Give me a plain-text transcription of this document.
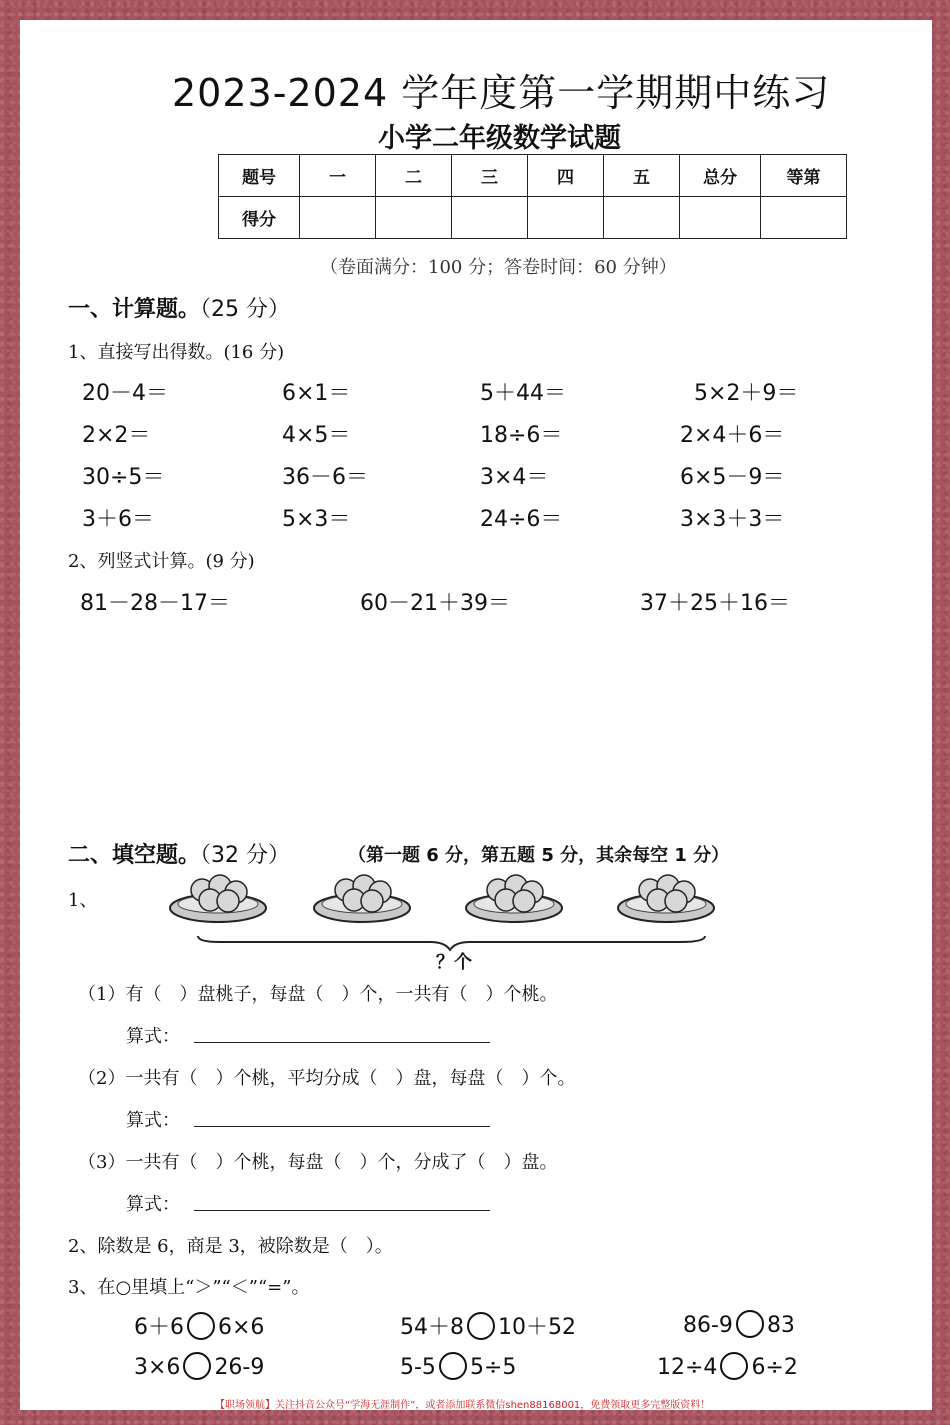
2023-2024 学年度第一学期期中练习
小学二年级数学试题
题号	一	二	三	四	五	总分	等第
得分							
（卷面满分：100 分；答卷时间：60 分钟）
一、计算题。（25 分）
1、直接写出得数。(16 分)
20－4＝	6×1＝	5＋44＝	5×2＋9＝
2×2＝	4×5＝	18÷6＝	2×4＋6＝
30÷5＝	36－6＝	3×4＝	6×5－9＝
3＋6＝	5×3＝	24÷6＝	3×3＋3＝
2、列竖式计算。(9 分)
81－28－17＝	60－21＋39＝	37＋25＋16＝
二、填空题。（32 分）	（第一题 6 分，第五题 5 分，其余每空 1 分）
1、
？个
（1）有（　）盘桃子，每盘（　）个，一共有（　）个桃。
算式：
（2）一共有（　）个桃，平均分成（　）盘，每盘（　）个。
算式：
（3）一共有（　）个桃，每盘（　）个，分成了（　）盘。
算式：
2、除数是 6，商是 3，被除数是（　）。
3、在○里填上“＞”“＜”“=”。
6＋6 6×6	54＋8 10＋52	86-9 83
3×6 26-9	5-5 5÷5	12÷4 6÷2
【职场领航】关注抖音公众号“学海无涯制作”，或者添加联系微信shen88168001，免费领取更多完整版资料！
